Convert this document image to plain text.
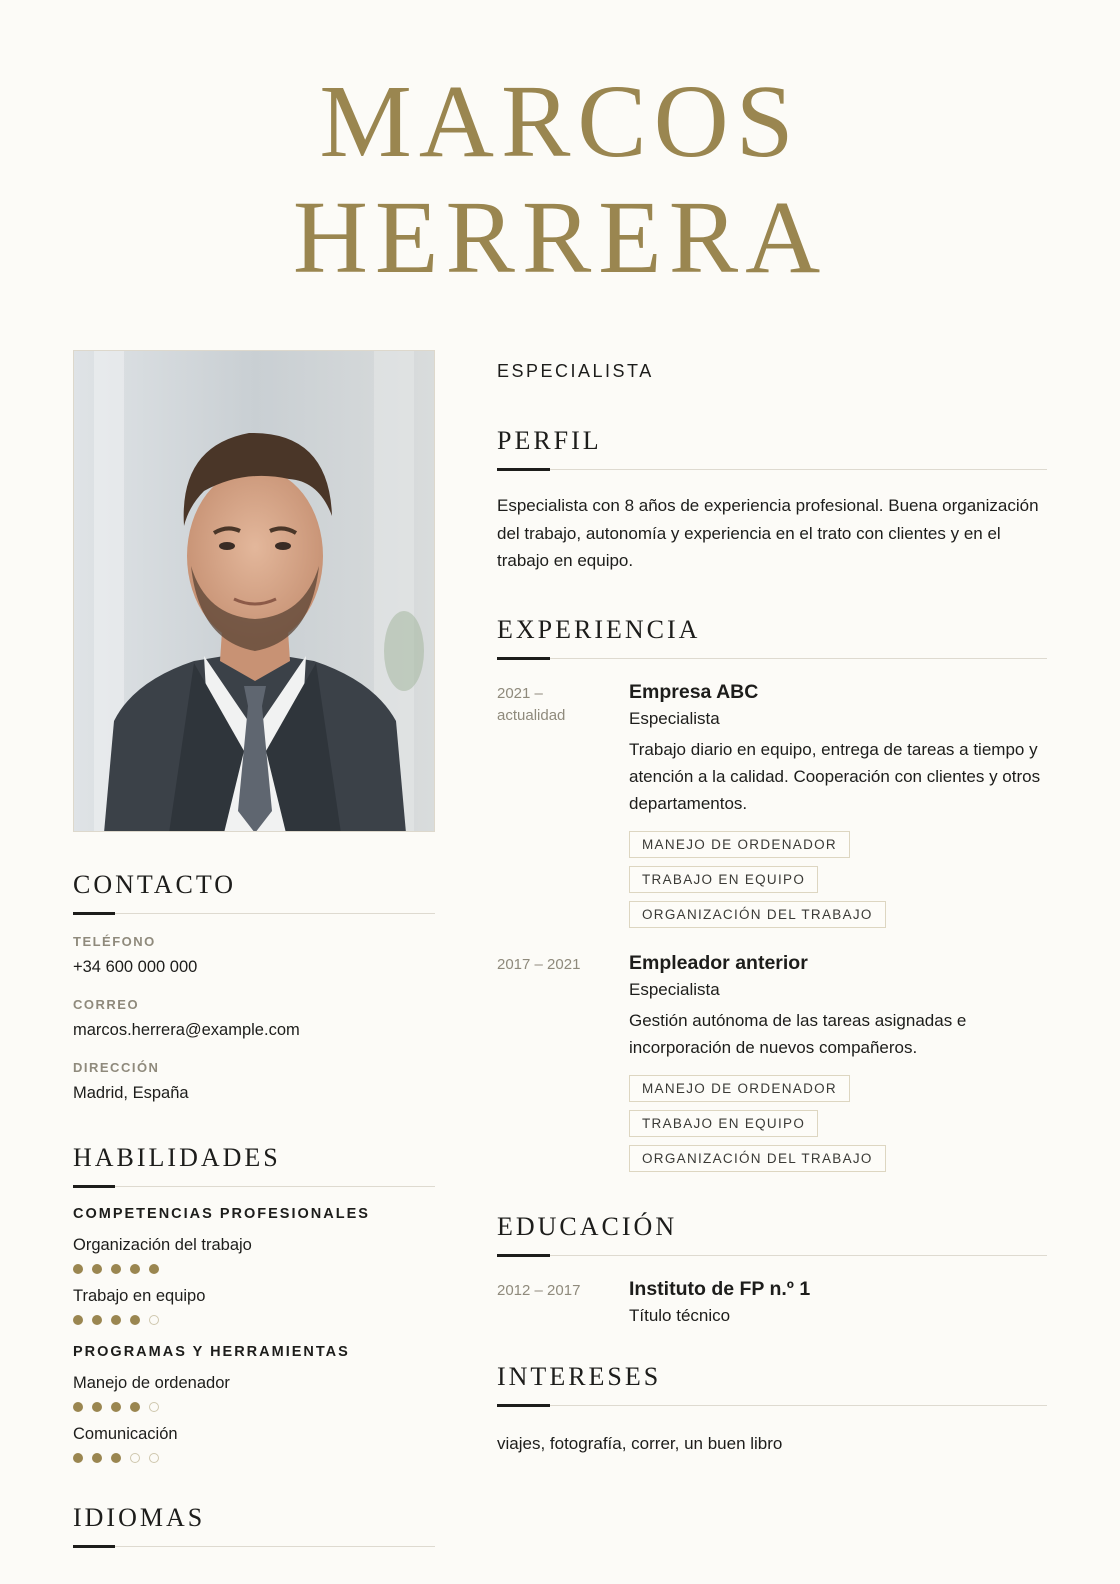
MARCOS
HERRERA
CONTACTO
TELÉFONO
+34 600 000 000
CORREO
marcos.herrera@example.com
DIRECCIÓN
Madrid, España
HABILIDADES
COMPETENCIAS PROFESIONALES
Organización del trabajo
Trabajo en equipo
PROGRAMAS Y HERRAMIENTAS
Manejo de ordenador
Comunicación
IDIOMAS
ESPECIALISTA
PERFIL
Especialista con 8 años de experiencia profesional. Buena organización del trabajo, autonomía y experiencia en el trato con clientes y en el trabajo en equipo.
EXPERIENCIA
2021 –
actualidad
Empresa ABC
Especialista
Trabajo diario en equipo, entrega de tareas a tiempo y atención a la calidad. Cooperación con clientes y otros departamentos.
MANEJO DE ORDENADOR
TRABAJO EN EQUIPO
ORGANIZACIÓN DEL TRABAJO
2017 – 2021	Empleador anterior
Especialista
Gestión autónoma de las tareas asignadas e incorporación de nuevos compañeros.
MANEJO DE ORDENADOR
TRABAJO EN EQUIPO
ORGANIZACIÓN DEL TRABAJO
EDUCACIÓN
2012 – 2017	Instituto de FP n.º 1
Título técnico
INTERESES
viajes, fotografía, correr, un buen libro
